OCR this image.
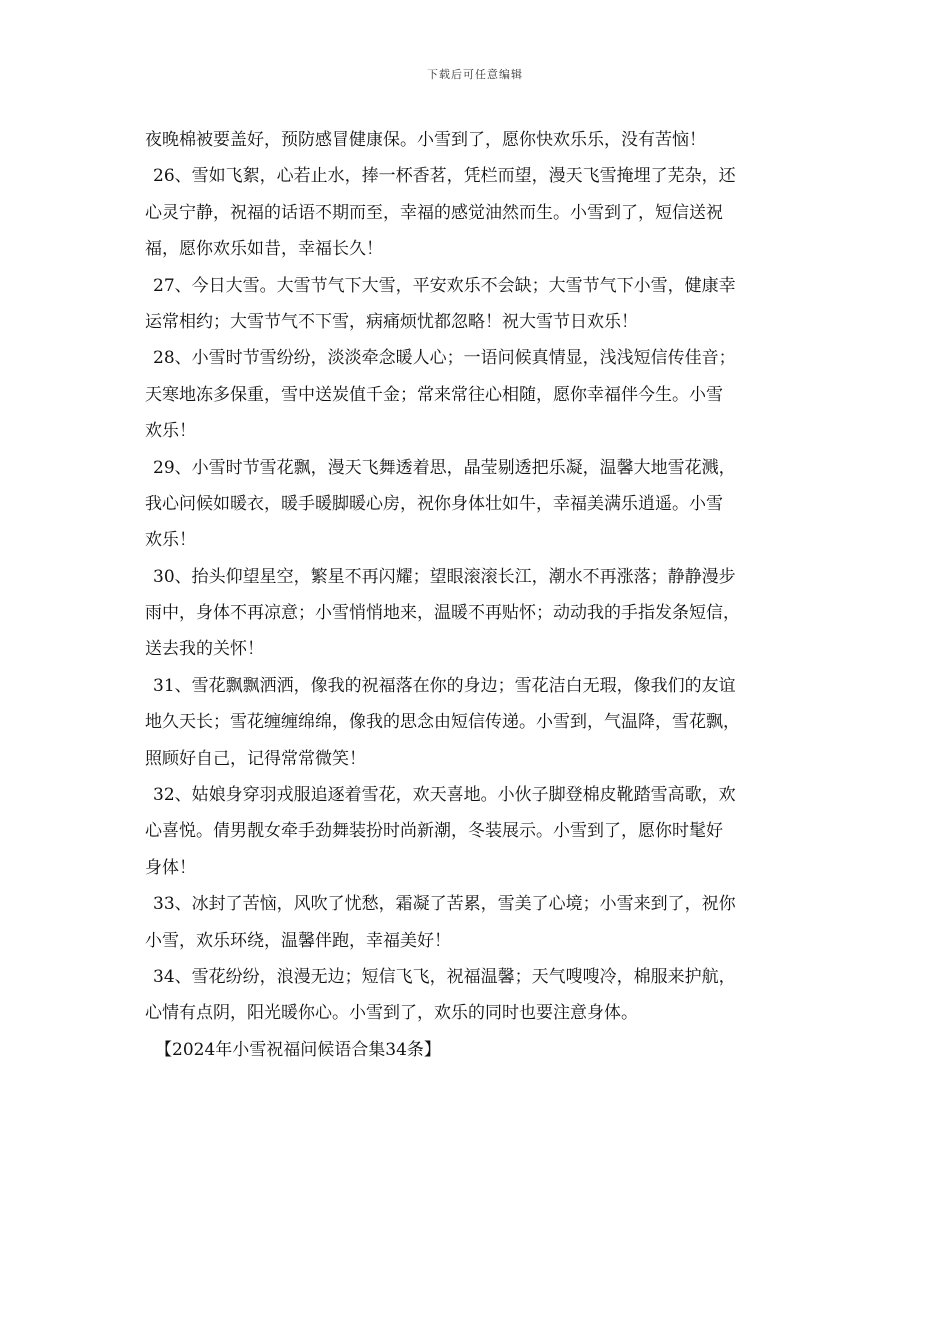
下载后可任意编辑
夜晚棉被要盖好，预防感冒健康保。小雪到了，愿你快欢乐乐，没有苦恼！
26、雪如飞絮，心若止水，捧一杯香茗，凭栏而望，漫天飞雪掩埋了芜杂，还
心灵宁静，祝福的话语不期而至，幸福的感觉油然而生。小雪到了，短信送祝
福，愿你欢乐如昔，幸福长久！
27、今日大雪。大雪节气下大雪，平安欢乐不会缺；大雪节气下小雪，健康幸
运常相约；大雪节气不下雪，病痛烦忧都忽略！祝大雪节日欢乐！
28、小雪时节雪纷纷，淡淡牵念暖人心；一语问候真情显，浅浅短信传佳音；
天寒地冻多保重，雪中送炭值千金；常来常往心相随，愿你幸福伴今生。小雪
欢乐！
29、小雪时节雪花飘，漫天飞舞透着思，晶莹剔透把乐凝，温馨大地雪花溅，
我心问候如暖衣，暖手暖脚暖心房，祝你身体壮如牛，幸福美满乐逍遥。小雪
欢乐！
30、抬头仰望星空，繁星不再闪耀；望眼滚滚长江，潮水不再涨落；静静漫步
雨中，身体不再凉意；小雪悄悄地来，温暖不再贴怀；动动我的手指发条短信，
送去我的关怀！
31、雪花飘飘洒洒，像我的祝福落在你的身边；雪花洁白无瑕，像我们的友谊
地久天长；雪花缠缠绵绵，像我的思念由短信传递。小雪到，气温降，雪花飘，
照顾好自己，记得常常微笑！
32、姑娘身穿羽戎服追逐着雪花，欢天喜地。小伙子脚登棉皮靴踏雪高歌，欢
心喜悦。倩男靓女牵手劲舞装扮时尚新潮，冬装展示。小雪到了，愿你时髦好
身体！
33、冰封了苦恼，风吹了忧愁，霜凝了苦累，雪美了心境；小雪来到了，祝你
小雪，欢乐环绕，温馨伴跑，幸福美好！
34、雪花纷纷，浪漫无边；短信飞飞，祝福温馨；天气嗖嗖冷，棉服来护航，
心情有点阴，阳光暖你心。小雪到了，欢乐的同时也要注意身体。
【2024年小雪祝福问候语合集34条】
